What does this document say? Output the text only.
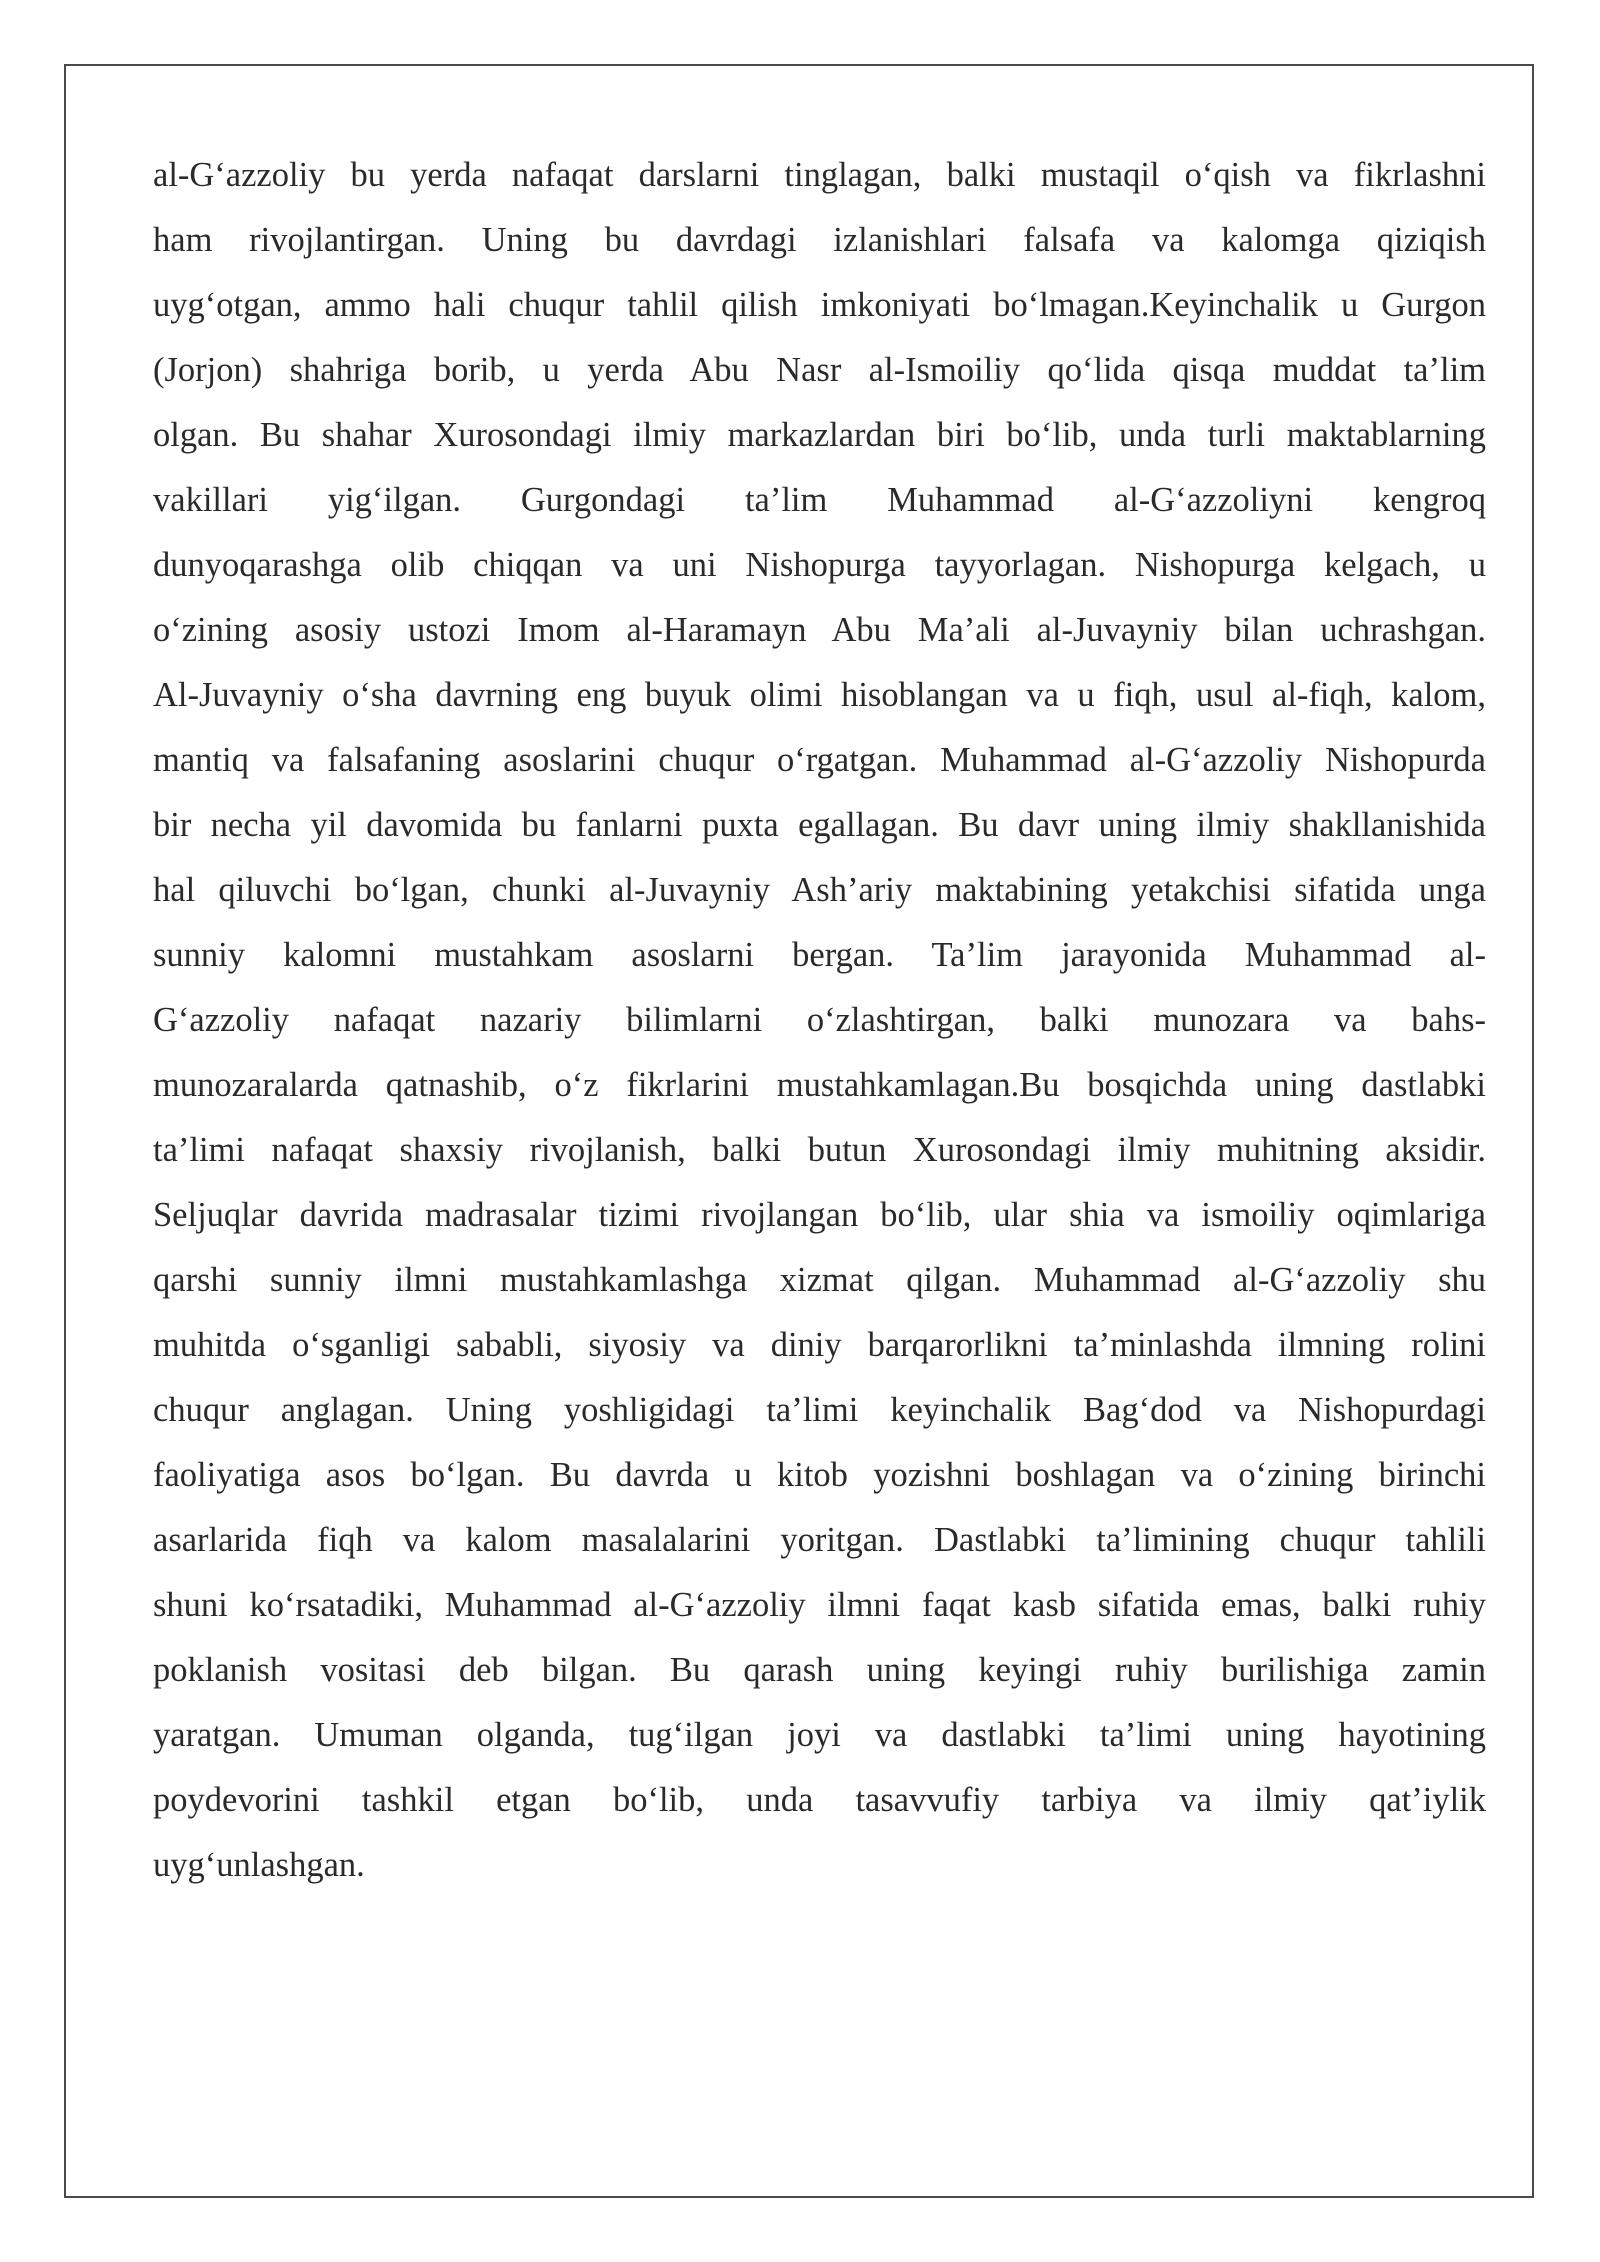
al-G‘azzoliy bu yerda nafaqat darslarni tinglagan, balki mustaqil o‘qish va fikrlashni
ham rivojlantirgan. Uning bu davrdagi izlanishlari falsafa va kalomga qiziqish
uyg‘otgan, ammo hali chuqur tahlil qilish imkoniyati bo‘lmagan.Keyinchalik u Gurgon
(Jorjon) shahriga borib, u yerda Abu Nasr al-Ismoiliy qo‘lida qisqa muddat ta’lim
olgan. Bu shahar Xurosondagi ilmiy markazlardan biri bo‘lib, unda turli maktablarning
vakillari yig‘ilgan. Gurgondagi ta’lim Muhammad al-G‘azzoliyni kengroq
dunyoqarashga olib chiqqan va uni Nishopurga tayyorlagan. Nishopurga kelgach, u
o‘zining asosiy ustozi Imom al-Haramayn Abu Ma’ali al-Juvayniy bilan uchrashgan.
Al-Juvayniy o‘sha davrning eng buyuk olimi hisoblangan va u fiqh, usul al-fiqh, kalom,
mantiq va falsafaning asoslarini chuqur o‘rgatgan. Muhammad al-G‘azzoliy Nishopurda
bir necha yil davomida bu fanlarni puxta egallagan. Bu davr uning ilmiy shakllanishida
hal qiluvchi bo‘lgan, chunki al-Juvayniy Ash’ariy maktabining yetakchisi sifatida unga
sunniy kalomni mustahkam asoslarni bergan. Ta’lim jarayonida Muhammad al-
G‘azzoliy nafaqat nazariy bilimlarni o‘zlashtirgan, balki munozara va bahs-
munozaralarda qatnashib, o‘z fikrlarini mustahkamlagan.Bu bosqichda uning dastlabki
ta’limi nafaqat shaxsiy rivojlanish, balki butun Xurosondagi ilmiy muhitning aksidir.
Seljuqlar davrida madrasalar tizimi rivojlangan bo‘lib, ular shia va ismoiliy oqimlariga
qarshi sunniy ilmni mustahkamlashga xizmat qilgan. Muhammad al-G‘azzoliy shu
muhitda o‘sganligi sababli, siyosiy va diniy barqarorlikni ta’minlashda ilmning rolini
chuqur anglagan. Uning yoshligidagi ta’limi keyinchalik Bag‘dod va Nishopurdagi
faoliyatiga asos bo‘lgan. Bu davrda u kitob yozishni boshlagan va o‘zining birinchi
asarlarida fiqh va kalom masalalarini yoritgan. Dastlabki ta’limining chuqur tahlili
shuni ko‘rsatadiki, Muhammad al-G‘azzoliy ilmni faqat kasb sifatida emas, balki ruhiy
poklanish vositasi deb bilgan. Bu qarash uning keyingi ruhiy burilishiga zamin
yaratgan. Umuman olganda, tug‘ilgan joyi va dastlabki ta’limi uning hayotining
poydevorini tashkil etgan bo‘lib, unda tasavvufiy tarbiya va ilmiy qat’iylik
uyg‘unlashgan.
